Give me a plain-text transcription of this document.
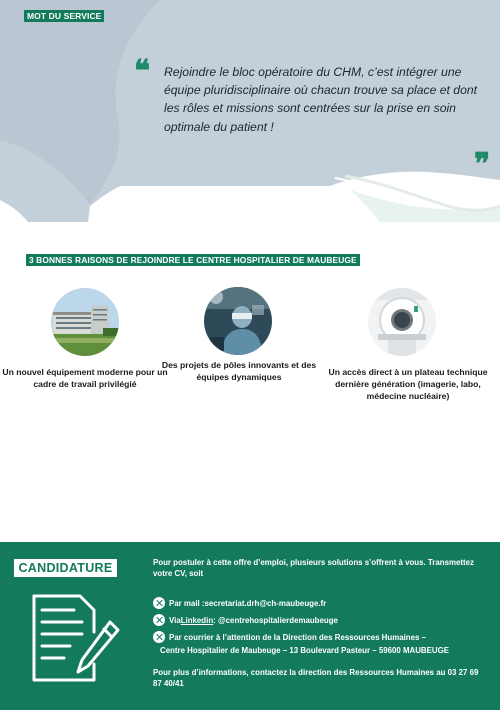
MOT DU SERVICE
❝ Rejoindre le bloc opératoire du CHM, c’est intégrer une équipe pluridisciplinaire où chacun trouve sa place et dont les rôles et missions sont centrées sur la prise en soin optimale du patient !

❞
3 BONNES RAISONS DE REJOINDRE LE CENTRE HOSPITALIER DE MAUBEUGE
Un nouvel équipement moderne pour un cadre de travail privilégié
Des projets de pôles innovants et des équipes dynamiques	Un accès direct à un plateau technique dernière génération (imagerie, labo, médecine nucléaire)
CANDIDATURE	Pour postuler à cette offre d’emploi, plusieurs solutions s’offrent à vous. Transmettez votre CV, soit

Par mail : secretariat.drh@ch-maubeuge.fr
Via Linkedin : @centrehospitalierdemaubeuge
Par courrier à l’attention de la Direction des Ressources Humaines –
Centre Hospitalier de Maubeuge – 13 Boulevard Pasteur – 59600 MAUBEUGE

Pour plus d’informations, contactez la direction des Ressources Humaines au 03 27 69 87 40/41
